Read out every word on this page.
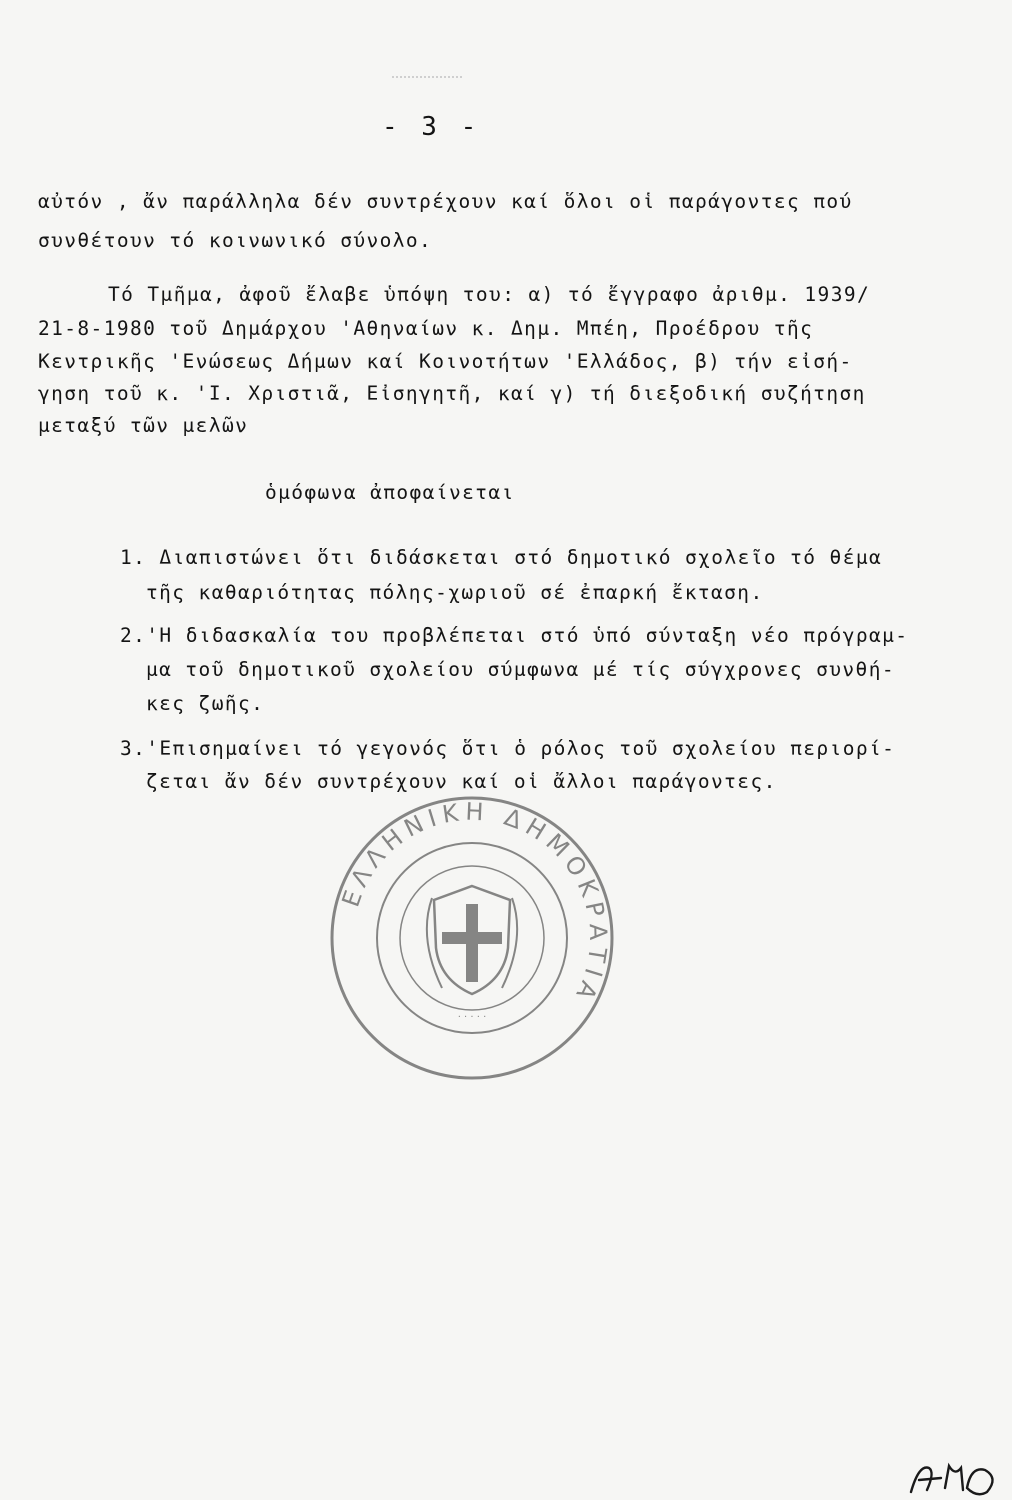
- 3 -
αὐτόν , ἄν παράλληλα δέν συντρέχουν καί ὅλοι οἱ παράγοντες πού
συνθέτουν τό κοινωνικό σύνολο.
Τό Τμῆμα, ἀφοῦ ἔλαβε ὑπόψη του: α) τό ἔγγραφο ἀριθμ. 1939/
21-8-1980 τοῦ Δημάρχου 'Αθηναίων κ. Δημ. Μπέη, Προέδρου τῆς
Κεντρικῆς 'Ενώσεως Δήμων καί Κοινοτήτων 'Ελλάδος, β) τήν εἰσή-
γηση τοῦ κ. 'Ι. Χριστιᾶ, Εἰσηγητῆ, καί γ) τή διεξοδική συζήτηση
μεταξύ τῶν μελῶν
ὁμόφωνα ἀποφαίνεται
1. Διαπιστώνει ὅτι διδάσκεται στό δημοτικό σχολεῖο τό θέμα
τῆς καθαριότητας πόλης-χωριοῦ σέ ἐπαρκή ἔκταση.
2.'Η διδασκαλία του προβλέπεται στό ὑπό σύνταξη νέο πρόγραμ-
μα τοῦ δημοτικοῦ σχολείου σύμφωνα μέ τίς σύγχρονες συνθή-
κες ζωῆς.
3.'Επισημαίνει τό γεγονός ὅτι ὁ ρόλος τοῦ σχολείου περιορί-
ζεται ἄν δέν συντρέχουν καί οἱ ἄλλοι παράγοντες.
ΕΛΛΗΝΙΚΗ ΔΗΜΟΚΡΑΤΙΑ
· · · · ·
